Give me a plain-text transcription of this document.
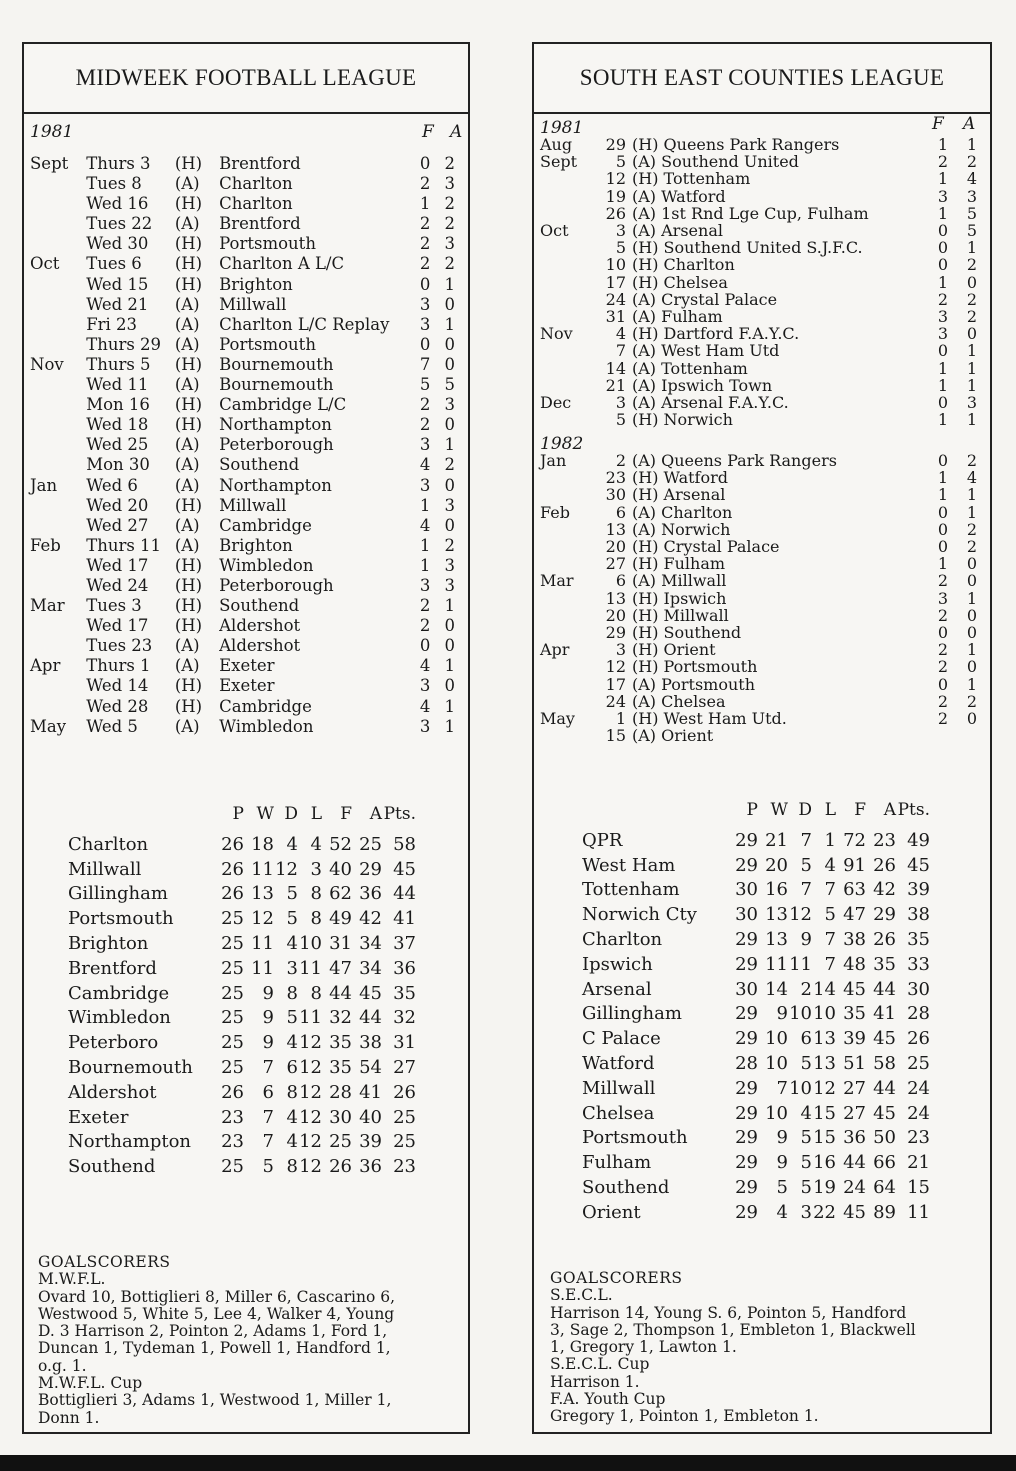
MIDWEEK FOOTBALL LEAGUE
1981	F A
Sept	Thurs 3	(H)	Brentford	0	2
	Tues 8	(A)	Charlton	2	3
	Wed 16	(H)	Charlton	1	2
	Tues 22	(A)	Brentford	2	2
	Wed 30	(H)	Portsmouth	2	3
Oct	Tues 6	(H)	Charlton A L/C	2	2
	Wed 15	(H)	Brighton	0	1
	Wed 21	(A)	Millwall	3	0
	Fri 23	(A)	Charlton L/C Replay	3	1
	Thurs 29	(A)	Portsmouth	0	0
Nov	Thurs 5	(H)	Bournemouth	7	0
	Wed 11	(A)	Bournemouth	5	5
	Mon 16	(H)	Cambridge L/C	2	3
	Wed 18	(H)	Northampton	2	0
	Wed 25	(A)	Peterborough	3	1
	Mon 30	(A)	Southend	4	2
Jan	Wed 6	(A)	Northampton	3	0
	Wed 20	(H)	Millwall	1	3
	Wed 27	(A)	Cambridge	4	0
Feb	Thurs 11	(A)	Brighton	1	2
	Wed 17	(H)	Wimbledon	1	3
	Wed 24	(H)	Peterborough	3	3
Mar	Tues 3	(H)	Southend	2	1
	Wed 17	(H)	Aldershot	2	0
	Tues 23	(A)	Aldershot	0	0
Apr	Thurs 1	(A)	Exeter	4	1
	Wed 14	(H)	Exeter	3	0
	Wed 28	(H)	Cambridge	4	1
May	Wed 5	(A)	Wimbledon	3	1
	P	W	D	L	F	A	Pts.
Charlton	26	18	4	4	52	25	58
Millwall	26	11	12	3	40	29	45
Gillingham	26	13	5	8	62	36	44
Portsmouth	25	12	5	8	49	42	41
Brighton	25	11	4	10	31	34	37
Brentford	25	11	3	11	47	34	36
Cambridge	25	9	8	8	44	45	35
Wimbledon	25	9	5	11	32	44	32
Peterboro	25	9	4	12	35	38	31
Bournemouth	25	7	6	12	35	54	27
Aldershot	26	6	8	12	28	41	26
Exeter	23	7	4	12	30	40	25
Northampton	23	7	4	12	25	39	25
Southend	25	5	8	12	26	36	23
GOALSCORERS
M.W.F.L.
Ovard 10, Bottiglieri 8, Miller 6, Cascarino 6,
Westwood 5, White 5, Lee 4, Walker 4, Young
D. 3 Harrison 2, Pointon 2, Adams 1, Ford 1,
Duncan 1, Tydeman 1, Powell 1, Handford 1,
o.g. 1.
M.W.F.L. Cup
Bottiglieri 3, Adams 1, Westwood 1, Miller 1,
Donn 1.
SOUTH EAST COUNTIES LEAGUE
1981	F A
Aug	29	(H) Queens Park Rangers	1	1
Sept	5	(A) Southend United	2	2
	12	(H) Tottenham	1	4
	19	(A) Watford	3	3
	26	(A) 1st Rnd Lge Cup, Fulham	1	5
Oct	3	(A) Arsenal	0	5
	5	(H) Southend United S.J.F.C.	0	1
	10	(H) Charlton	0	2
	17	(H) Chelsea	1	0
	24	(A) Crystal Palace	2	2
	31	(A) Fulham	3	2
Nov	4	(H) Dartford F.A.Y.C.	3	0
	7	(A) West Ham Utd	0	1
	14	(A) Tottenham	1	1
	21	(A) Ipswich Town	1	1
Dec	3	(A) Arsenal F.A.Y.C.	0	3
	5	(H) Norwich	1	1
1982
Jan	2	(A) Queens Park Rangers	0	2
	23	(H) Watford	1	4
	30	(H) Arsenal	1	1
Feb	6	(A) Charlton	0	1
	13	(A) Norwich	0	2
	20	(H) Crystal Palace	0	2
	27	(H) Fulham	1	0
Mar	6	(A) Millwall	2	0
	13	(H) Ipswich	3	1
	20	(H) Millwall	2	0
	29	(H) Southend	0	0
Apr	3	(H) Orient	2	1
	12	(H) Portsmouth	2	0
	17	(A) Portsmouth	0	1
	24	(A) Chelsea	2	2
May	1	(H) West Ham Utd.	2	0
	15	(A) Orient		
	P	W	D	L	F	A	Pts.
QPR	29	21	7	1	72	23	49
West Ham	29	20	5	4	91	26	45
Tottenham	30	16	7	7	63	42	39
Norwich Cty	30	13	12	5	47	29	38
Charlton	29	13	9	7	38	26	35
Ipswich	29	11	11	7	48	35	33
Arsenal	30	14	2	14	45	44	30
Gillingham	29	9	10	10	35	41	28
C Palace	29	10	6	13	39	45	26
Watford	28	10	5	13	51	58	25
Millwall	29	7	10	12	27	44	24
Chelsea	29	10	4	15	27	45	24
Portsmouth	29	9	5	15	36	50	23
Fulham	29	9	5	16	44	66	21
Southend	29	5	5	19	24	64	15
Orient	29	4	3	22	45	89	11
GOALSCORERS
S.E.C.L.
Harrison 14, Young S. 6, Pointon 5, Handford
3, Sage 2, Thompson 1, Embleton 1, Blackwell
1, Gregory 1, Lawton 1.
S.E.C.L. Cup
Harrison 1.
F.A. Youth Cup
Gregory 1, Pointon 1, Embleton 1.
